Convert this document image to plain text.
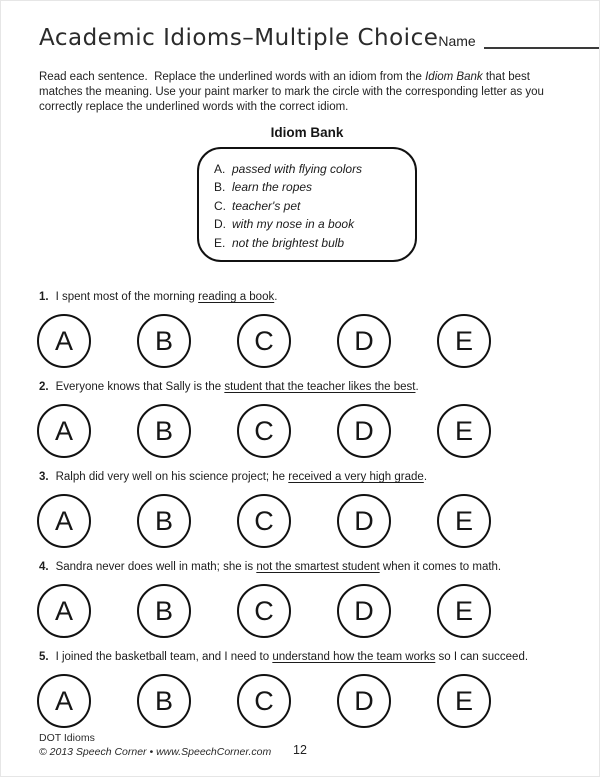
Academic Idioms–Multiple Choice Name
Read each sentence.  Replace the underlined words with an idiom from the Idiom Bank that best matches the meaning. Use your paint marker to mark the circle with the corresponding letter as you correctly replace the underlined words with the correct idiom.
Idiom Bank
A. passed with flying colors
B. learn the ropes
C. teacher's pet
D. with my nose in a book
E. not the brightest bulb
1. I spent most of the morning reading a book.
A	B	C	D	E
2. Everyone knows that Sally is the student that the teacher likes the best.
A	B	C	D	E
3. Ralph did very well on his science project; he received a very high grade.
A	B	C	D	E
4. Sandra never does well in math; she is not the smartest student when it comes to math.
A	B	C	D	E
5. I joined the basketball team, and I need to understand how the team works so I can succeed.
A	B	C	D	E
DOT Idioms
© 2013 Speech Corner • www.SpeechCorner.com	12
